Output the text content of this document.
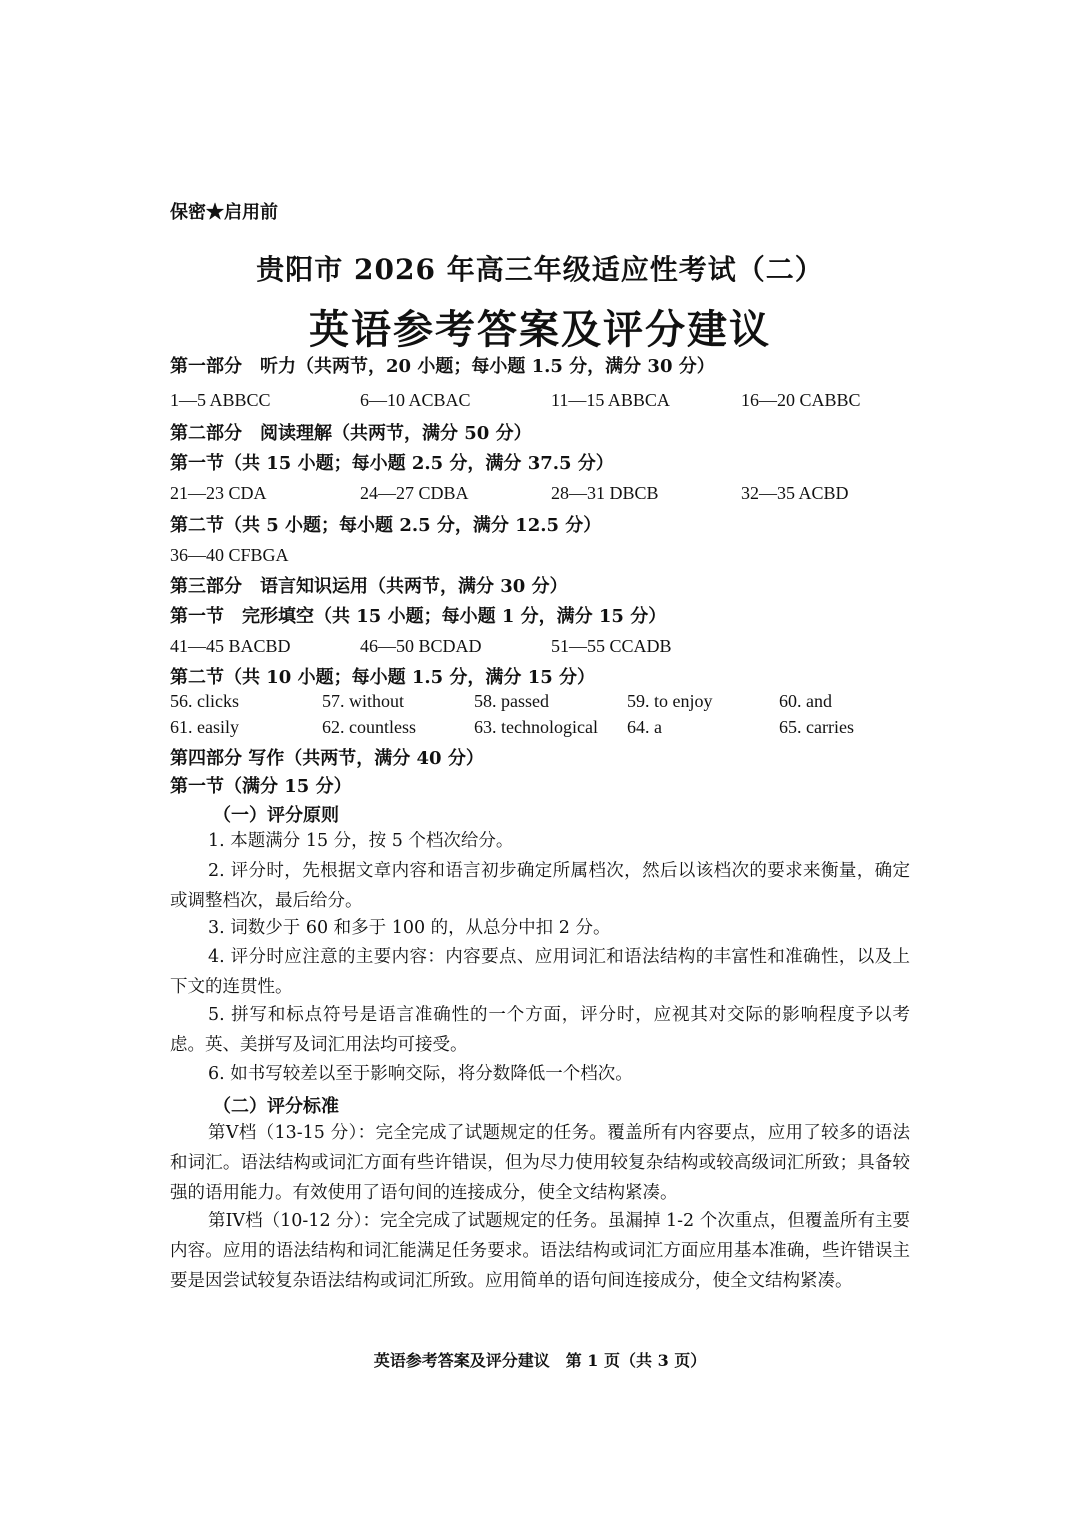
保密★启用前
贵阳市 2026 年高三年级适应性考试（二）
英语参考答案及评分建议
第一部分　听力（共两节，20 小题；每小题 1.5 分，满分 30 分）
1—5 ABBCC	6—10 ACBAC	11—15 ABBCA	16—20 CABBC
第二部分　阅读理解（共两节，满分 50 分）
第一节（共 15 小题；每小题 2.5 分，满分 37.5 分）
21—23 CDA	24—27 CDBA	28—31 DBCB	32—35 ACBD
第二节（共 5 小题；每小题 2.5 分，满分 12.5 分）
36—40 CFBGA
第三部分　语言知识运用（共两节，满分 30 分）
第一节　完形填空（共 15 小题；每小题 1 分，满分 15 分）
41—45 BACBD	46—50 BCDAD	51—55 CCADB
第二节（共 10 小题；每小题 1.5 分，满分 15 分）
56. clicks	57. without	58. passed	59. to enjoy	60. and
61. easily	62. countless	63. technological 64. a	65. carries
第四部分 写作（共两节，满分 40 分）
第一节（满分 15 分）
（一）评分原则
1. 本题满分 15 分，按 5 个档次给分。
2. 评分时，先根据文章内容和语言初步确定所属档次，然后以该档次的要求来衡量，确定或调整档次，最后给分。
3. 词数少于 60 和多于 100 的，从总分中扣 2 分。
4. 评分时应注意的主要内容：内容要点、应用词汇和语法结构的丰富性和准确性，以及上下文的连贯性。
5. 拼写和标点符号是语言准确性的一个方面，评分时，应视其对交际的影响程度予以考虑。英、美拼写及词汇用法均可接受。
6. 如书写较差以至于影响交际，将分数降低一个档次。
（二）评分标准
第V档（13-15 分）：完全完成了试题规定的任务。覆盖所有内容要点，应用了较多的语法和词汇。语法结构或词汇方面有些许错误，但为尽力使用较复杂结构或较高级词汇所致；具备较强的语用能力。有效使用了语句间的连接成分，使全文结构紧凑。
第IV档（10-12 分）：完全完成了试题规定的任务。虽漏掉 1-2 个次重点，但覆盖所有主要内容。应用的语法结构和词汇能满足任务要求。语法结构或词汇方面应用基本准确，些许错误主要是因尝试较复杂语法结构或词汇所致。应用简单的语句间连接成分，使全文结构紧凑。
英语参考答案及评分建议　第 1 页（共 3 页）
